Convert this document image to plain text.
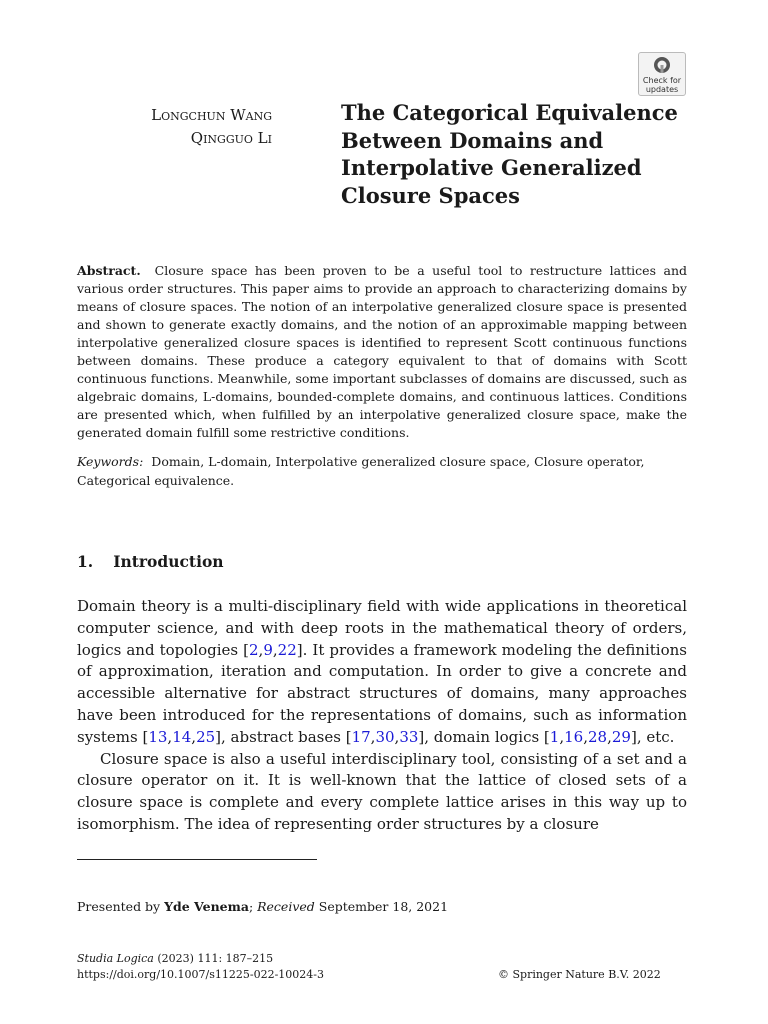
Check for
updates
Longchun Wang
Qingguo Li
The Categorical Equivalence
Between Domains and
Interpolative Generalized
Closure Spaces
Abstract. Closure space has been proven to be a useful tool to restructure lattices and various order structures. This paper aims to provide an approach to characterizing domains by means of closure spaces. The notion of an interpolative generalized closure space is presented and shown to generate exactly domains, and the notion of an approximable mapping between interpolative generalized closure spaces is identified to represent Scott continuous functions between domains. These produce a category equivalent to that of domains with Scott continuous functions. Meanwhile, some important subclasses of domains are discussed, such as algebraic domains, L-domains, bounded-complete domains, and continuous lattices. Conditions are presented which, when fulfilled by an interpolative generalized closure space, make the generated domain fulfill some restrictive conditions.
Keywords: Domain, L-domain, Interpolative generalized closure space, Closure operator, Categorical equivalence.
1. Introduction

Domain theory is a multi-disciplinary field with wide applications in theoretical computer science, and with deep roots in the mathematical theory of orders, logics and topologies [2,9,22]. It provides a framework modeling the definitions of approximation, iteration and computation. In order to give a concrete and accessible alternative for abstract structures of domains, many approaches have been introduced for the representations of domains, such as information systems [13,14,25], abstract bases [17,30,33], domain logics [1,16,28,29], etc.

Closure space is also a useful interdisciplinary tool, consisting of a set and a closure operator on it. It is well-known that the lattice of closed sets of a closure space is complete and every complete lattice arises in this way up to isomorphism. The idea of representing order structures by a closure

Presented by Yde Venema; Received September 18, 2021
Studia Logica (2023) 111: 187–215
https://doi.org/10.1007/s11225-022-10024-3	© Springer Nature B.V. 2022
